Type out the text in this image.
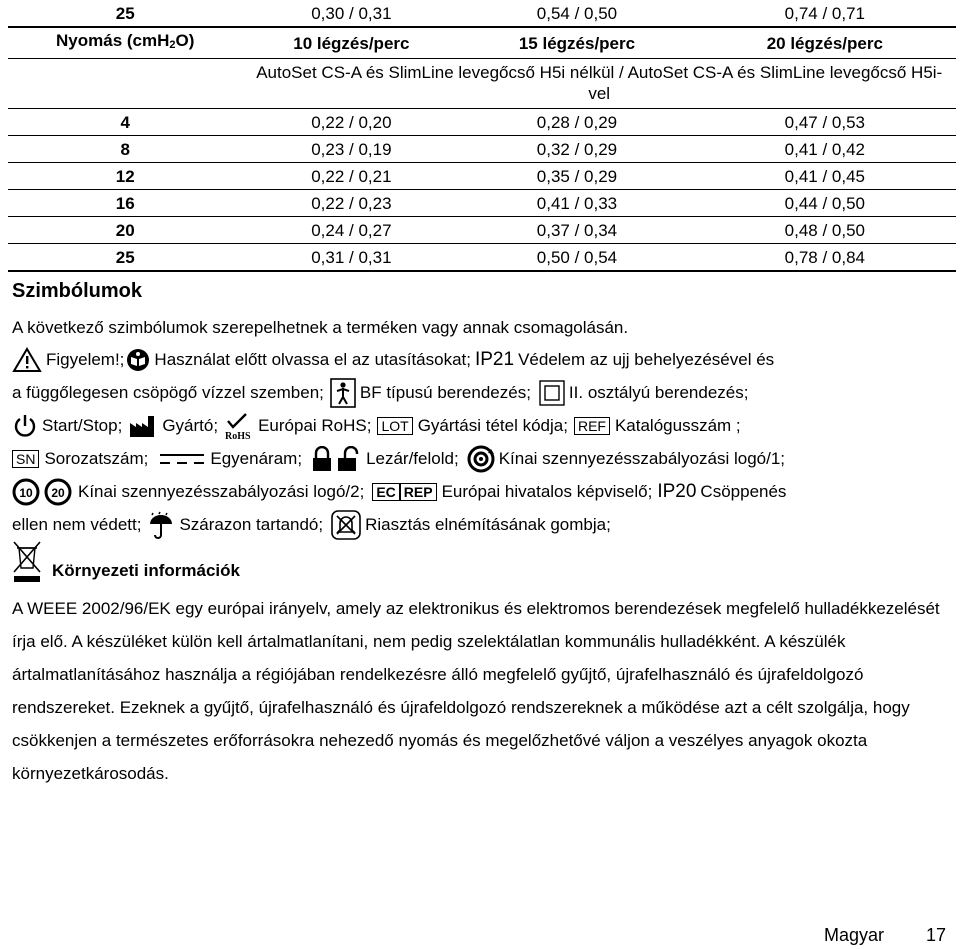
25	0,30 / 0,31	0,54 / 0,50	0,74 / 0,71
Nyomás (cmH$_2$O)	10 légzés/perc	15 légzés/perc	20 légzés/perc
	AutoSet CS-A és SlimLine levegőcső H5i nélkül / AutoSet CS-A és SlimLine levegőcső H5i-vel		
4	0,22 / 0,20	0,28 / 0,29	0,47 / 0,53
8	0,23 / 0,19	0,32 / 0,29	0,41 / 0,42
12	0,22 / 0,21	0,35 / 0,29	0,41 / 0,45
16	0,22 / 0,23	0,41 / 0,33	0,44 / 0,50
20	0,24 / 0,27	0,37 / 0,34	0,48 / 0,50
25	0,31 / 0,31	0,50 / 0,54	0,78 / 0,84
Szimbólumok
A következő szimbólumok szerepelhetnek a terméken vagy annak csomagolásán.
Figyelem!; Használat előtt olvassa el az utasításokat; IP21 Védelem az ujj behelyezésével és
a függőlegesen csöpögő vízzel szemben; BF típusú berendezés; II. osztályú berendezés;
Start/Stop; Gyártó;
RoHS
Európai RoHS; LOT Gyártási tétel kódja; REF Katalógusszám ;
SN Sorozatszám;	Egyenáram;	Lezár/felold; Kínai szennyezésszabályozási logó/1;
10 20 Kínai szennyezésszabályozási logó/2; EC REP Európai hivatalos képviselő; IP20 Csöppenés
ellen nem védett; Szárazon tartandó; Riasztás elnémításának gombja;
Környezeti információk
A WEEE 2002/96/EK egy európai irányelv, amely az elektronikus és elektromos berendezések megfelelő hulladékkezelését írja elő. A készüléket külön kell ártalmatlanítani, nem pedig szelektálatlan kommunális hulladékként. A készülék ártalmatlanításához használja a régiójában rendelkezésre álló megfelelő gyűjtő, újrafelhasználó és újrafeldolgozó rendszereket. Ezeknek a gyűjtő, újrafelhasználó és újrafeldolgozó rendszereknek a működése azt a célt szolgálja, hogy csökkenjen a természetes erőforrásokra nehezedő nyomás és megelőzhetővé váljon a veszélyes anyagok okozta környezetkárosodás.
Magyar 17
